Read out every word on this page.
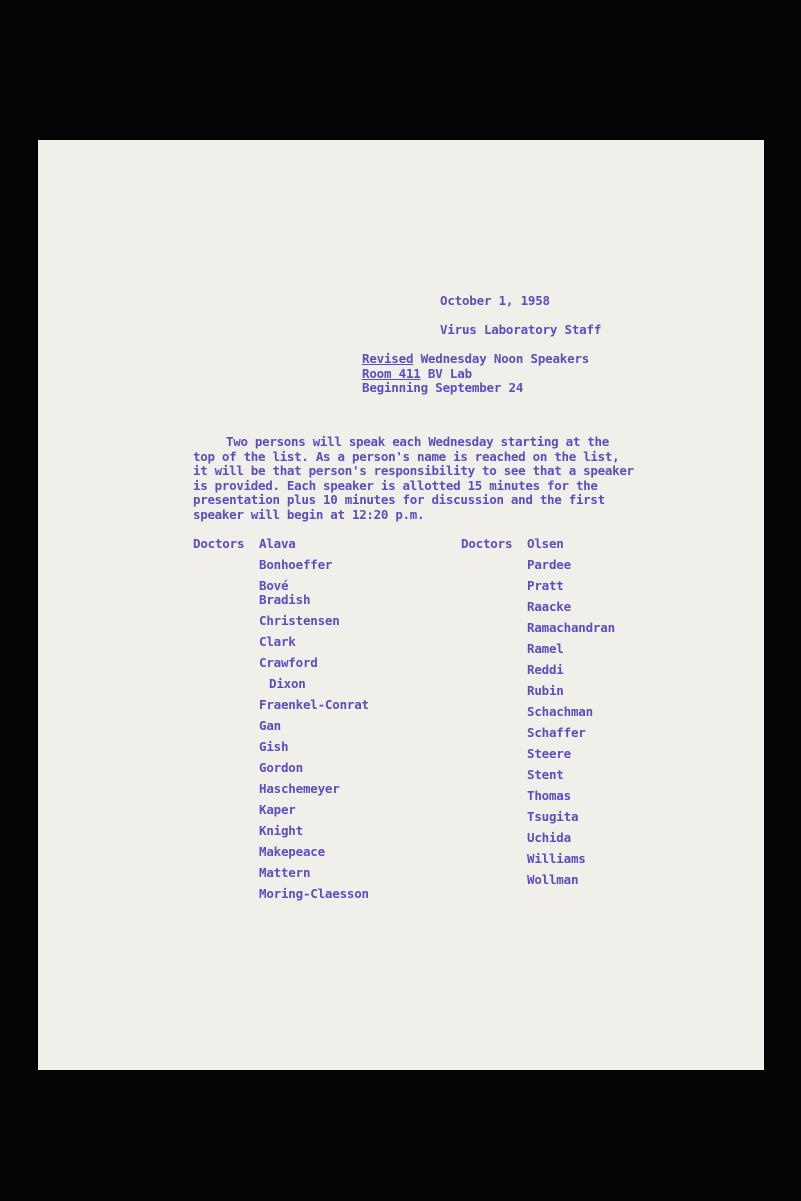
October 1, 1958
Virus Laboratory Staff
Revised Wednesday Noon Speakers
Room 411 BV Lab
Beginning September 24
Two persons will speak each Wednesday starting at the
top of the list. As a person's name is reached on the list,
it will be that person's responsibility to see that a speaker
is provided. Each speaker is allotted 15 minutes for the
presentation plus 10 minutes for discussion and the first
speaker will begin at 12:20 p.m.
Doctors Alava
Bonhoeffer
Bové
Bradish
Christensen
Clark
Crawford
Dixon
Fraenkel-Conrat
Gan
Gish
Gordon
Haschemeyer
Kaper
Knight
Makepeace
Mattern
Moring-Claesson
Doctors Olsen
Pardee
Pratt
Raacke
Ramachandran
Ramel
Reddi
Rubin
Schachman
Schaffer
Steere
Stent
Thomas
Tsugita
Uchida
Williams
Wollman
